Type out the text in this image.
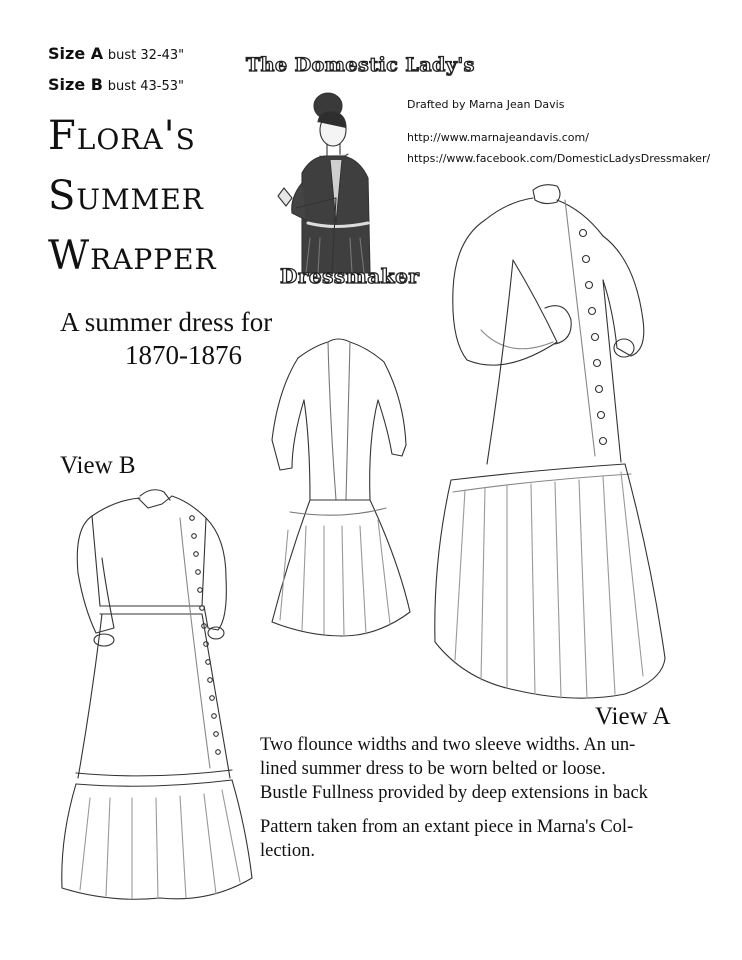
Size A bust 32-43"
Size B bust 43-53"
Flora's
Summer
Wrapper
A summer dress for
1870-1876
The Domestic Lady's
Dressmaker
Drafted by Marna Jean Davis
http://www.marnajeandavis.com/
https://www.facebook.com/DomesticLadysDressmaker/
View B
View A
Two flounce widths and two sleeve widths. An un-
lined summer dress to be worn belted or loose.
Bustle Fullness provided by deep extensions in back
Pattern taken from an extant piece in Marna's Col-
lection.
